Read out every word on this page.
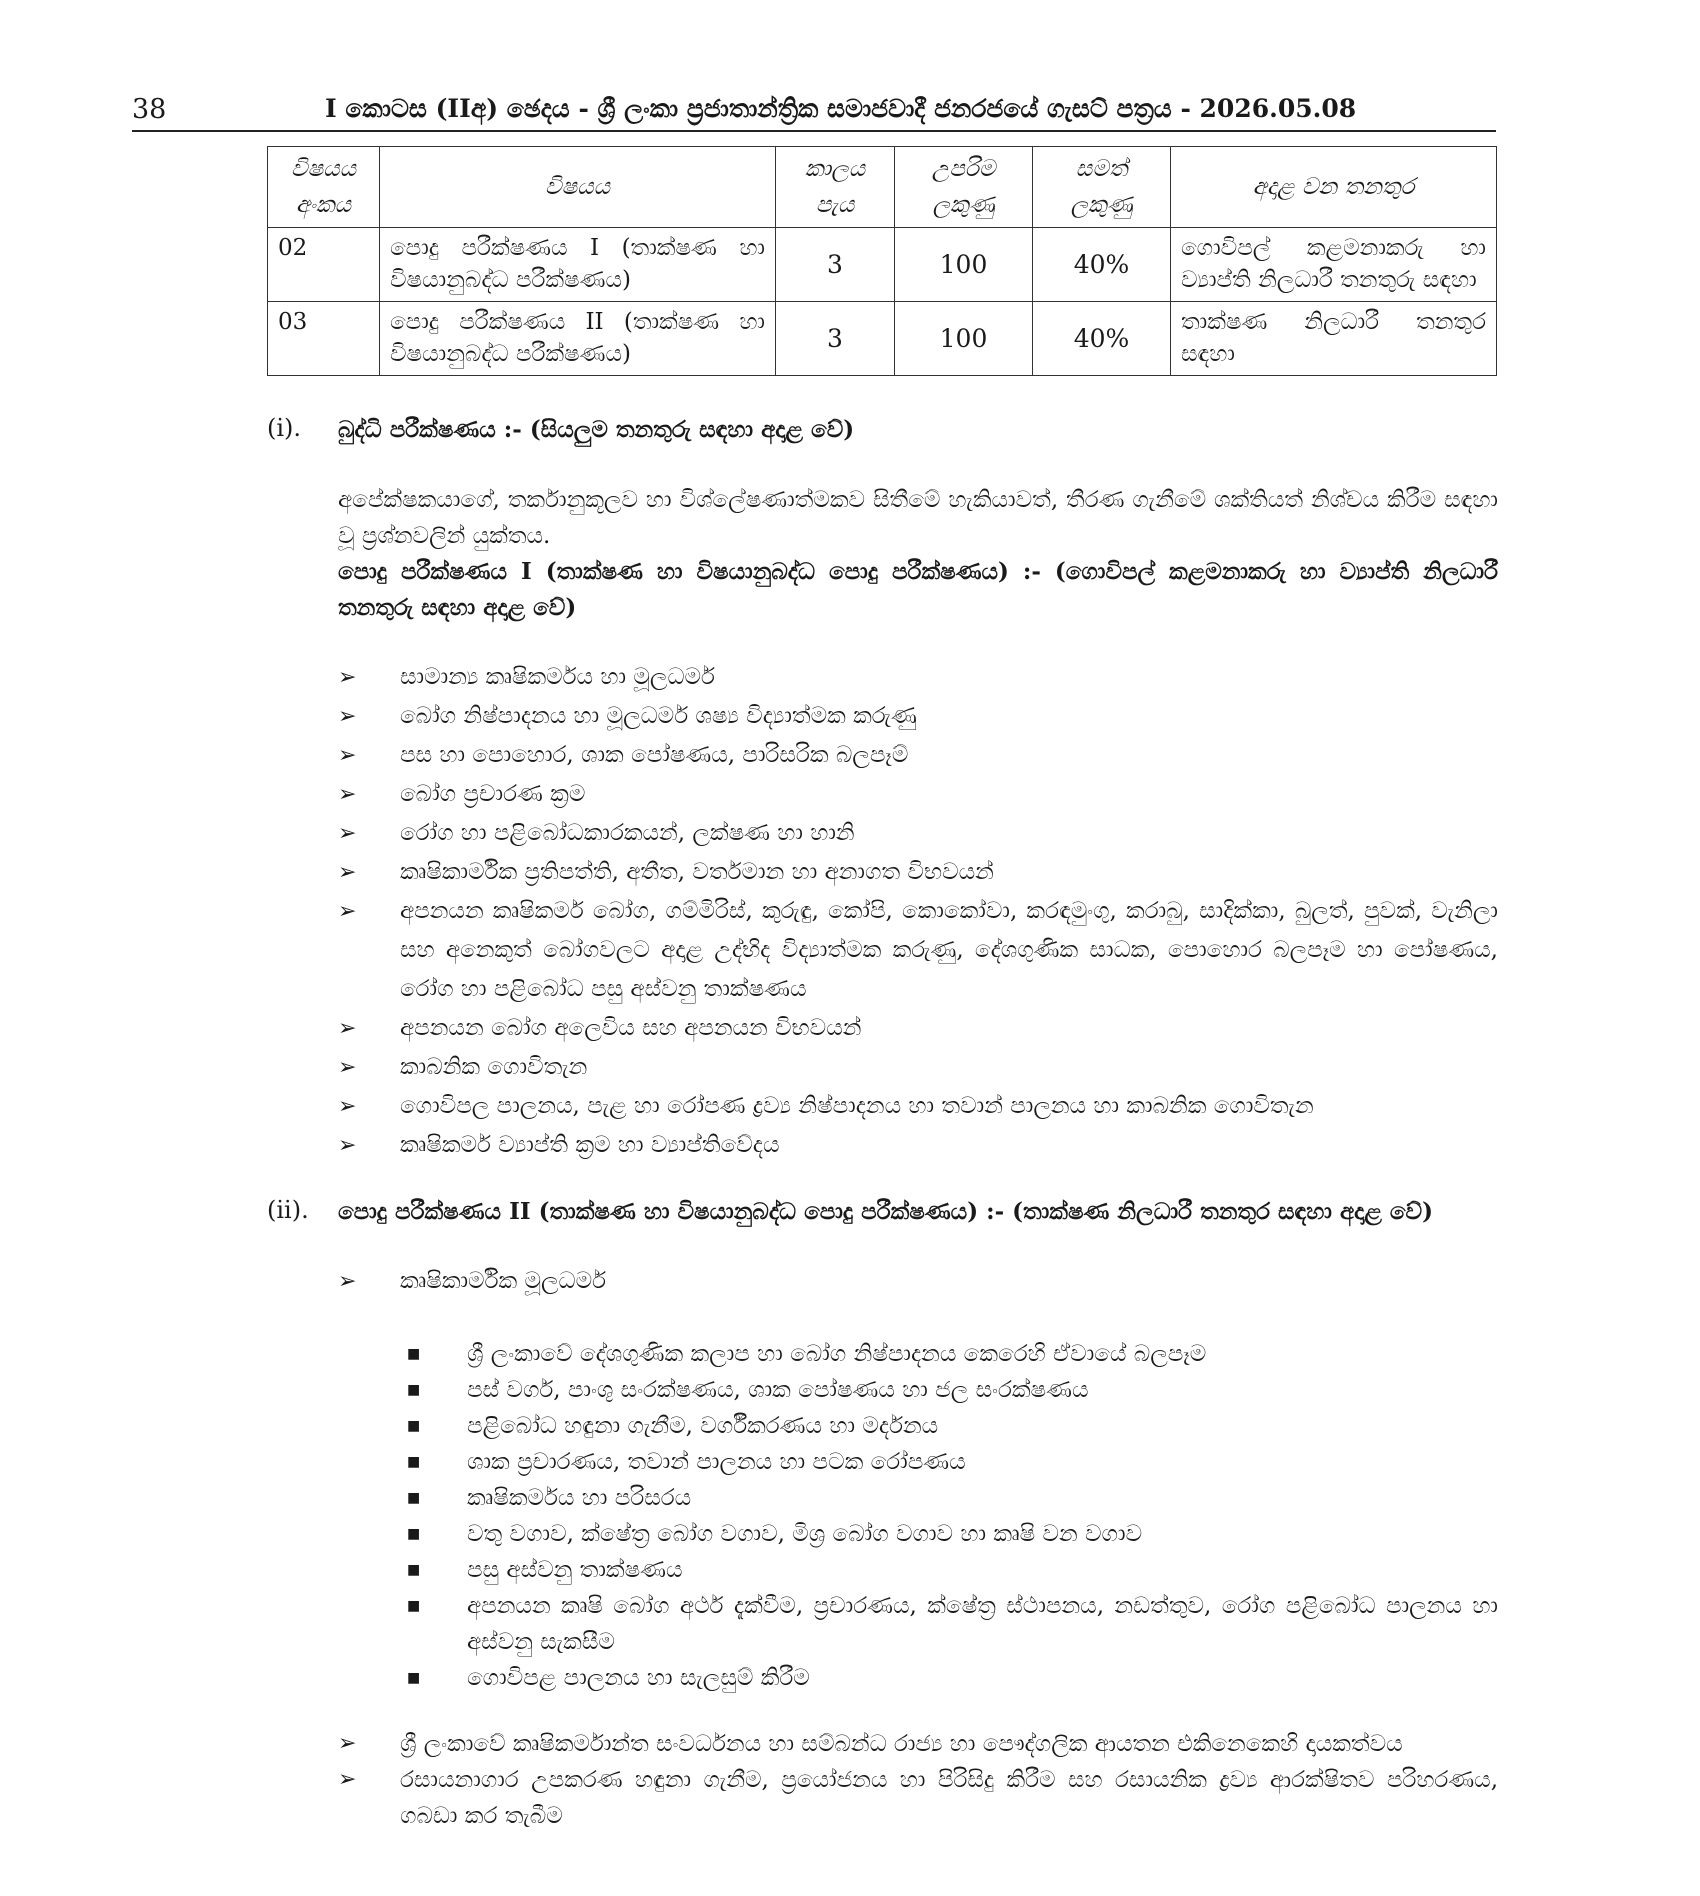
38	I කොටස (IIඅ) ඡෙදය - ශ්‍රී ලංකා ප්‍රජාතාන්ත්‍රික සමාජවාදී ජනරජයේ ගැසට් පත්‍රය - 2026.05.08
විෂයය අංකය	විෂයය	කාලය පැය	උපරිම ලකුණු	සමත් ලකුණු	අදාළ වන තනතුර
02	පොදු පරීක්ෂණය I (තාක්ෂණ හා විෂයානුබද්ධ පරීක්ෂණය)	3	100	40%	ගොවිපල් කළමනාකරු හා ව්‍යාප්ති නිලධාරී තනතුරු සඳහා
03	පොදු පරීක්ෂණය II (තාක්ෂණ හා විෂයානුබද්ධ පරීක්ෂණය)	3	100	40%	තාක්ෂණ නිලධාරී තනතුර සඳහා
(i). බුද්ධි පරීක්ෂණය :- (සියලුම තනතුරු සඳහා අදාළ වේ)
අපේක්ෂකයාගේ, තර්කානුකූලව හා විශ්ලේෂණාත්මකව සිතීමේ හැකියාවත්, තීරණ ගැනීමේ ශක්තියත් නිශ්චය කිරීම සඳහා වූ ප්‍රශ්නවලින් යුක්තය.
පොදු පරීක්ෂණය I (තාක්ෂණ හා විෂයානුබද්ධ පොදු පරීක්ෂණය) :- (ගොවිපල් කළමනාකරු හා ව්‍යාප්ති නිලධාරී තනතුරු සඳහා අදාළ වේ)
➢ සාමාන්‍ය කෘෂිකර්මය හා මූලධර්ම
➢ බෝග නිෂ්පාදනය හා මූලධර්ම ශෂ්‍ය විද්‍යාත්මක කරුණු
➢ පස හා පොහොර, ශාක පෝෂණය, පාරිසරික බලපෑම්
➢ බෝග ප්‍රචාරණ ක්‍රම
➢ රෝග හා පළිබෝධකාරකයන්, ලක්ෂණ හා හානි
➢ කෘෂිකාර්මික ප්‍රතිපත්ති, අතීත, වර්තමාන හා අනාගත විභවයන්
➢ අපනයන කෘෂිකර්ම බෝග, ගම්මිරිස්, කුරුඳු, කෝපි, කොකෝවා, කරඳමුංගු, කරාබු, සාදික්කා, බුලත්, පුවක්, වැනිලා සහ අනෙකුත් බෝගවලට අදාළ උද්භිද විද්‍යාත්මක කරුණු, දේශගුණික සාධක, පොහොර බලපෑම හා පෝෂණය, රෝග හා පළිබෝධ පසු අස්වනු තාක්ෂණය
➢ අපනයන බෝග අලෙවිය සහ අපනයන විභවයන්
➢ කාබනික ගොවිතැන
➢ ගොවිපල පාලනය, පැළ හා රෝපණ ද්‍රව්‍ය නිෂ්පාදනය හා තවාන් පාලනය හා කාබනික ගොවිතැන
➢ කෘෂිකර්ම ව්‍යාප්ති ක්‍රම හා ව්‍යාප්තිවේදය
(ii). පොදු පරීක්ෂණය II (තාක්ෂණ හා විෂයානුබද්ධ පොදු පරීක්ෂණය) :- (තාක්ෂණ නිලධාරී තනතුර සඳහා අදාළ වේ)
➢ කෘෂිකාර්මික මූලධර්ම
■ ශ්‍රී ලංකාවේ දේශගුණික කලාප හා බෝග නිෂ්පාදනය කෙරෙහි ඒවායේ බලපෑම
■ පස් වර්ග, පාංශු සංරක්ෂණය, ශාක පෝෂණය හා ජල සංරක්ෂණය
■ පළිබෝධ හඳුනා ගැනීම, වර්ගීකරණය හා මර්දනය
■ ශාක ප්‍රචාරණය, තවාන් පාලනය හා පටක රෝපණය
■ කෘෂිකර්මය හා පරිසරය
■ වතු වගාව, ක්ෂේත්‍ර බෝග වගාව, මිශ්‍ර බෝග වගාව හා කෘෂි වන වගාව
■ පසු අස්වනු තාක්ෂණය
■ අපනයන කෘෂි බෝග අර්ථ දැක්වීම, ප්‍රචාරණය, ක්ෂේත්‍ර ස්ථාපනය, නඩත්තුව, රෝග පළිබෝධ පාලනය හා අස්වනු සැකසීම
■ ගොවිපළ පාලනය හා සැලසුම් කිරීම
➢ ශ්‍රී ලංකාවේ කෘෂිකර්මාන්ත සංවර්ධනය හා සම්බන්ධ රාජ්‍ය හා පෞද්ගලික ආයතන එකිනෙකෙහි දායකත්වය
➢ රසායනාගාර උපකරණ හඳුනා ගැනීම, ප්‍රයෝජනය හා පිරිසිදු කිරීම සහ රසායනික ද්‍රව්‍ය ආරක්ෂිතව පරිහරණය, ගබඩා කර තැබීම
